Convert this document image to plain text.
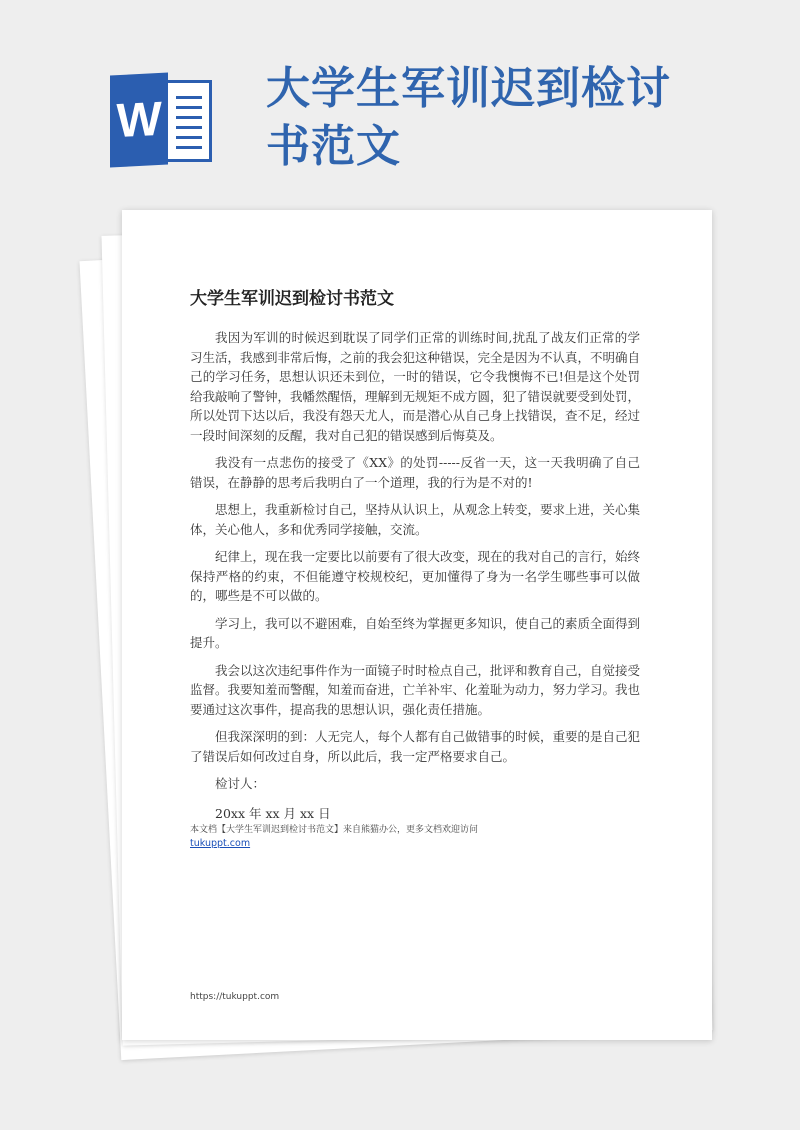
W
大学生军训迟到检讨书范文
大学生军训迟到检讨书范文

我因为军训的时候迟到耽误了同学们正常的训练时间,扰乱了战友们正常的学习生活，我感到非常后悔，之前的我会犯这种错误，完全是因为不认真，不明确自己的学习任务，思想认识还未到位，一时的错误，它令我懊悔不已!但是这个处罚给我敲响了警钟，我幡然醒悟，理解到无规矩不成方圆，犯了错误就要受到处罚，所以处罚下达以后，我没有怨天尤人，而是潜心从自己身上找错误，查不足，经过一段时间深刻的反醒，我对自己犯的错误感到后悔莫及。

我没有一点悲伤的接受了《XX》的处罚-----反省一天，这一天我明确了自己错误，在静静的思考后我明白了一个道理，我的行为是不对的!

思想上，我重新检讨自己，坚持从认识上，从观念上转变，要求上进，关心集体，关心他人，多和优秀同学接触，交流。

纪律上，现在我一定要比以前要有了很大改变，现在的我对自己的言行，始终保持严格的约束，不但能遵守校规校纪，更加懂得了身为一名学生哪些事可以做的，哪些是不可以做的。

学习上，我可以不避困难，自始至终为掌握更多知识，使自己的素质全面得到提升。

我会以这次违纪事件作为一面镜子时时检点自己，批评和教育自己，自觉接受监督。我要知羞而警醒，知羞而奋进，亡羊补牢、化羞耻为动力，努力学习。我也要通过这次事件，提高我的思想认识，强化责任措施。

但我深深明的到：人无完人，每个人都有自己做错事的时候，重要的是自己犯了错误后如何改过自身，所以此后，我一定严格要求自己。

检讨人：

20xx 年 xx 月 xx 日

本文档【大学生军训迟到检讨书范文】来自熊猫办公，更多文档欢迎访问
tukuppt.com
https://tukuppt.com
